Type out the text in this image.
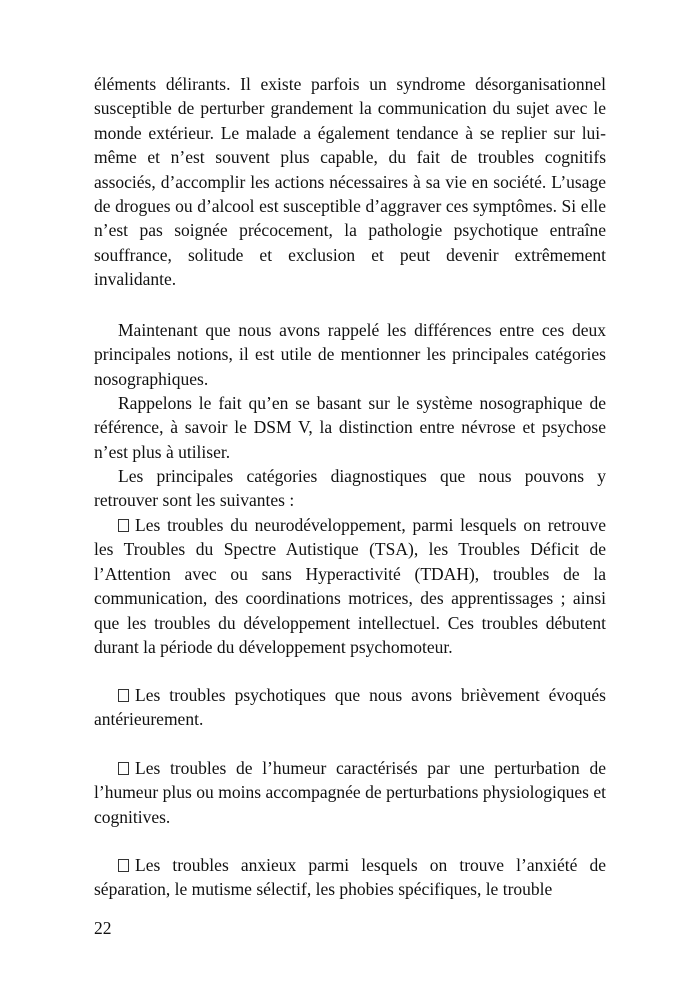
éléments délirants. Il existe parfois un syndrome désorganisationnel susceptible de perturber grandement la communication du sujet avec le monde extérieur. Le malade a également tendance à se replier sur lui-même et n’est souvent plus capable, du fait de troubles cognitifs associés, d’accomplir les actions nécessaires à sa vie en société. L’usage de drogues ou d’alcool est susceptible d’aggraver ces symptômes. Si elle n’est pas soignée précocement, la pathologie psychotique entraîne souffrance, solitude et exclusion et peut devenir extrêmement invalidante.

Maintenant que nous avons rappelé les différences entre ces deux principales notions, il est utile de mentionner les principales catégories nosographiques.

Rappelons le fait qu’en se basant sur le système nosographique de référence, à savoir le DSM V, la distinction entre névrose et psychose n’est plus à utiliser.

Les principales catégories diagnostiques que nous pouvons y retrouver sont les suivantes :

Les troubles du neurodéveloppement, parmi lesquels on retrouve les Troubles du Spectre Autistique (TSA), les Troubles Déficit de l’Attention avec ou sans Hyperactivité (TDAH), troubles de la communication, des coordinations motrices, des apprentissages ; ainsi que les troubles du développement intellectuel. Ces troubles débutent durant la période du développement psychomoteur.

Les troubles psychotiques que nous avons brièvement évoqués antérieurement.

Les troubles de l’humeur caractérisés par une perturbation de l’humeur plus ou moins accompagnée de perturbations physiologiques et cognitives.

Les troubles anxieux parmi lesquels on trouve l’anxiété de séparation, le mutisme sélectif, les phobies spécifiques, le trouble

22
